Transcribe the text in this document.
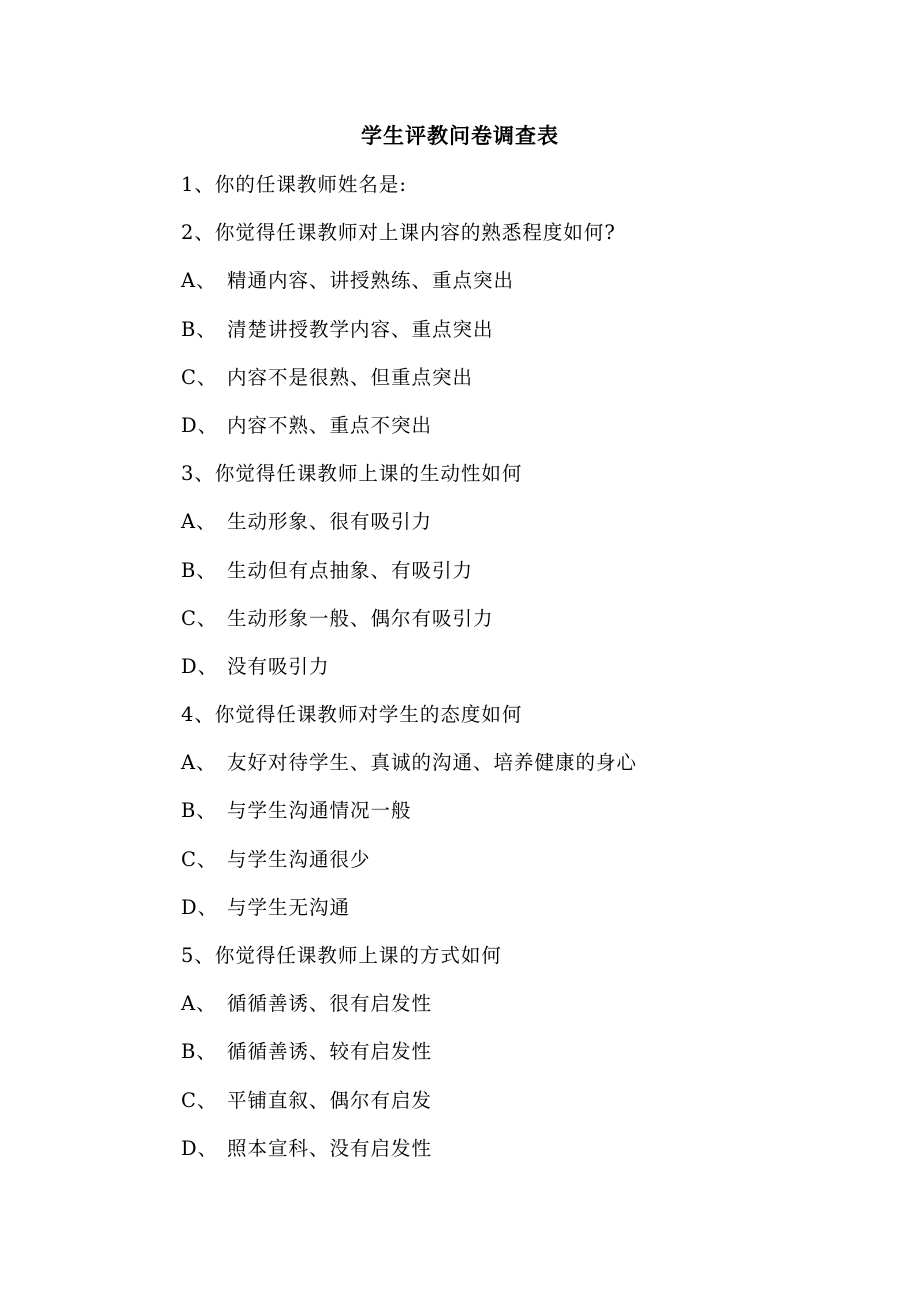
学生评教问卷调查表
1、你的任课教师姓名是:
2、你觉得任课教师对上课内容的熟悉程度如何?
A、 精通内容、讲授熟练、重点突出
B、 清楚讲授教学内容、重点突出
C、 内容不是很熟、但重点突出
D、 内容不熟、重点不突出
3、你觉得任课教师上课的生动性如何
A、 生动形象、很有吸引力
B、 生动但有点抽象、有吸引力
C、 生动形象一般、偶尔有吸引力
D、 没有吸引力
4、你觉得任课教师对学生的态度如何
A、 友好对待学生、真诚的沟通、培养健康的身心
B、 与学生沟通情况一般
C、 与学生沟通很少
D、 与学生无沟通
5、你觉得任课教师上课的方式如何
A、 循循善诱、很有启发性
B、 循循善诱、较有启发性
C、 平铺直叙、偶尔有启发
D、 照本宣科、没有启发性
